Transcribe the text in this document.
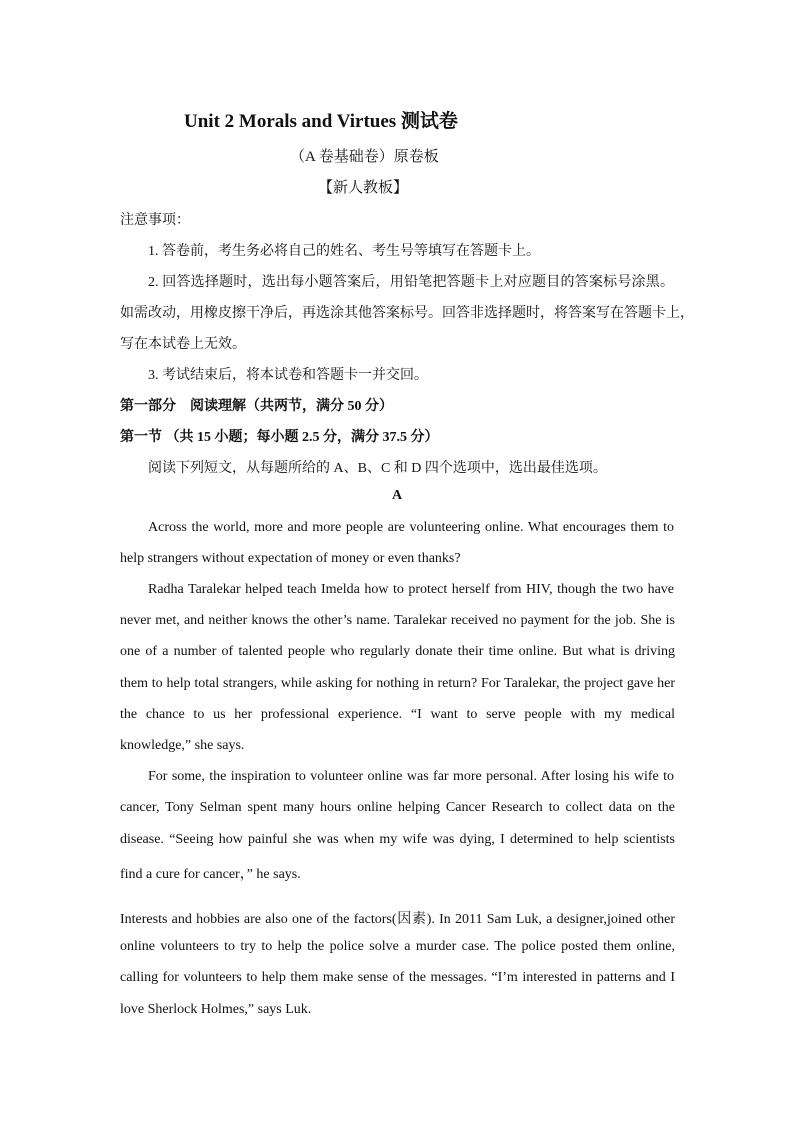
Unit 2 Morals and Virtues 测试卷
（A 卷基础卷）原卷板
【新人教板】
注意事项：
1. 答卷前，考生务必将自己的姓名、考生号等填写在答题卡上。
2. 回答选择题时，选出每小题答案后，用铅笔把答题卡上对应题目的答案标号涂黑。
如需改动，用橡皮擦干净后，再选涂其他答案标号。回答非选择题时，将答案写在答题卡上，
写在本试卷上无效。
3. 考试结束后，将本试卷和答题卡一并交回。
第一部分　阅读理解（共两节，满分 50 分）
第一节 （共 15 小题；每小题 2.5 分，满分 37.5 分）
阅读下列短文，从每题所给的 A、B、C 和 D 四个选项中，选出最佳选项。
A
Across the world, more and more people are volunteering online. What encourages them to
help strangers without expectation of money or even thanks?
Radha Taralekar helped teach Imelda how to protect herself from HIV, though the two have
never met, and neither knows the other’s name. Taralekar received no payment for the job. She is
one of a number of talented people who regularly donate their time online. But what is driving
them to help total strangers, while asking for nothing in return? For Taralekar, the project gave her
the chance to us her professional experience. “I want to serve people with my medical
knowledge,” she says.
For some, the inspiration to volunteer online was far more personal. After losing his wife to
cancer, Tony Selman spent many hours online helping Cancer Research to collect data on the
disease. “Seeing how painful she was when my wife was dying, I determined to help scientists
find a cure for cancer，” he says.
Interests and hobbies are also one of the factors(因素). In 2011 Sam Luk, a designer,joined other
online volunteers to try to help the police solve a murder case. The police posted them online,
calling for volunteers to help them make sense of the messages. “I’m interested in patterns and I
love Sherlock Holmes,” says Luk.
